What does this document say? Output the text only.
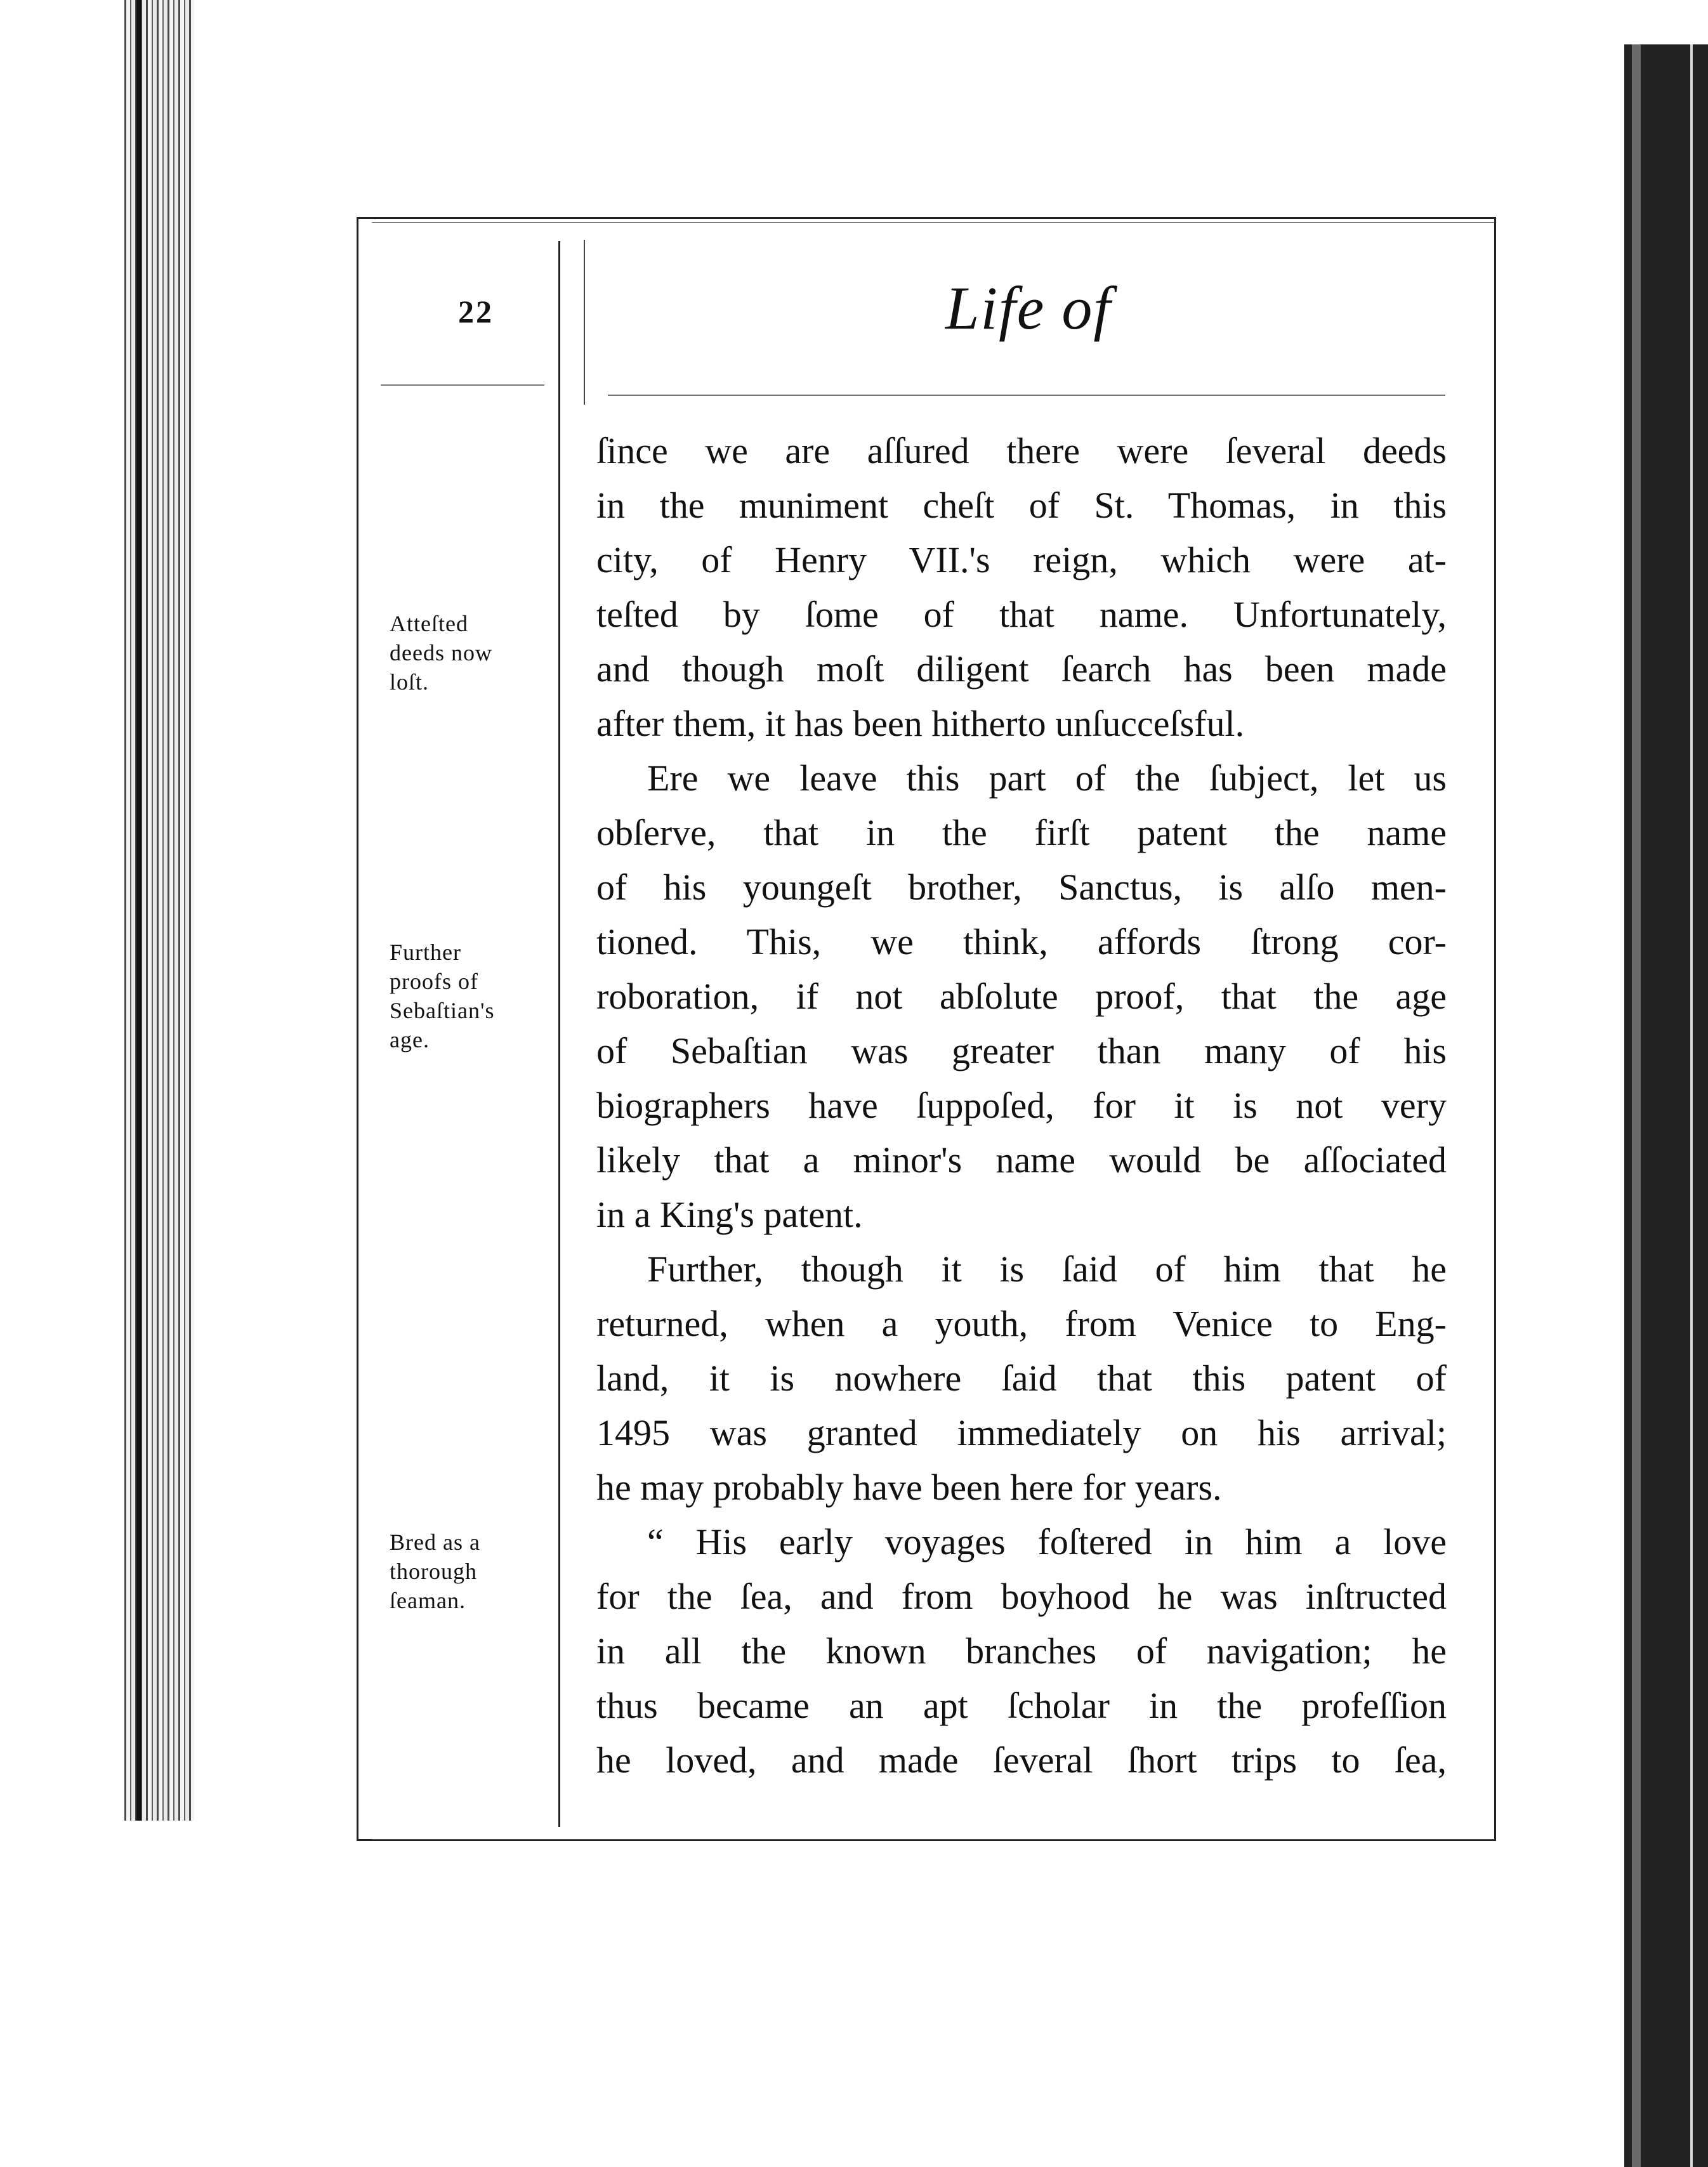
22	Life of
Atteſted
deeds now
loſt.
Further
proofs of
Sebaſtian's
age.
Bred as a
thorough
ſeaman.
ſince we are aſſured there were ſeveral deeds
in the muniment cheſt of St. Thomas, in this
city, of Henry VII.'s reign, which were at-
teſted by ſome of that name. Unfortunately,
and though moſt diligent ſearch has been made
after them, it has been hitherto unſucceſsful.
Ere we leave this part of the ſubject, let us
obſerve, that in the firſt patent the name
of his youngeſt brother, Sanctus, is alſo men-
tioned. This, we think, affords ſtrong cor-
roboration, if not abſolute proof, that the age
of Sebaſtian was greater than many of his
biographers have ſuppoſed, for it is not very
likely that a minor's name would be aſſociated
in a King's patent.
Further, though it is ſaid of him that he
returned, when a youth, from Venice to Eng-
land, it is nowhere ſaid that this patent of
1495 was granted immediately on his arrival;
he may probably have been here for years.
“ His early voyages foſtered in him a love
for the ſea, and from boyhood he was inſtructed
in all the known branches of navigation; he
thus became an apt ſcholar in the profeſſion
he loved, and made ſeveral ſhort trips to ſea,
